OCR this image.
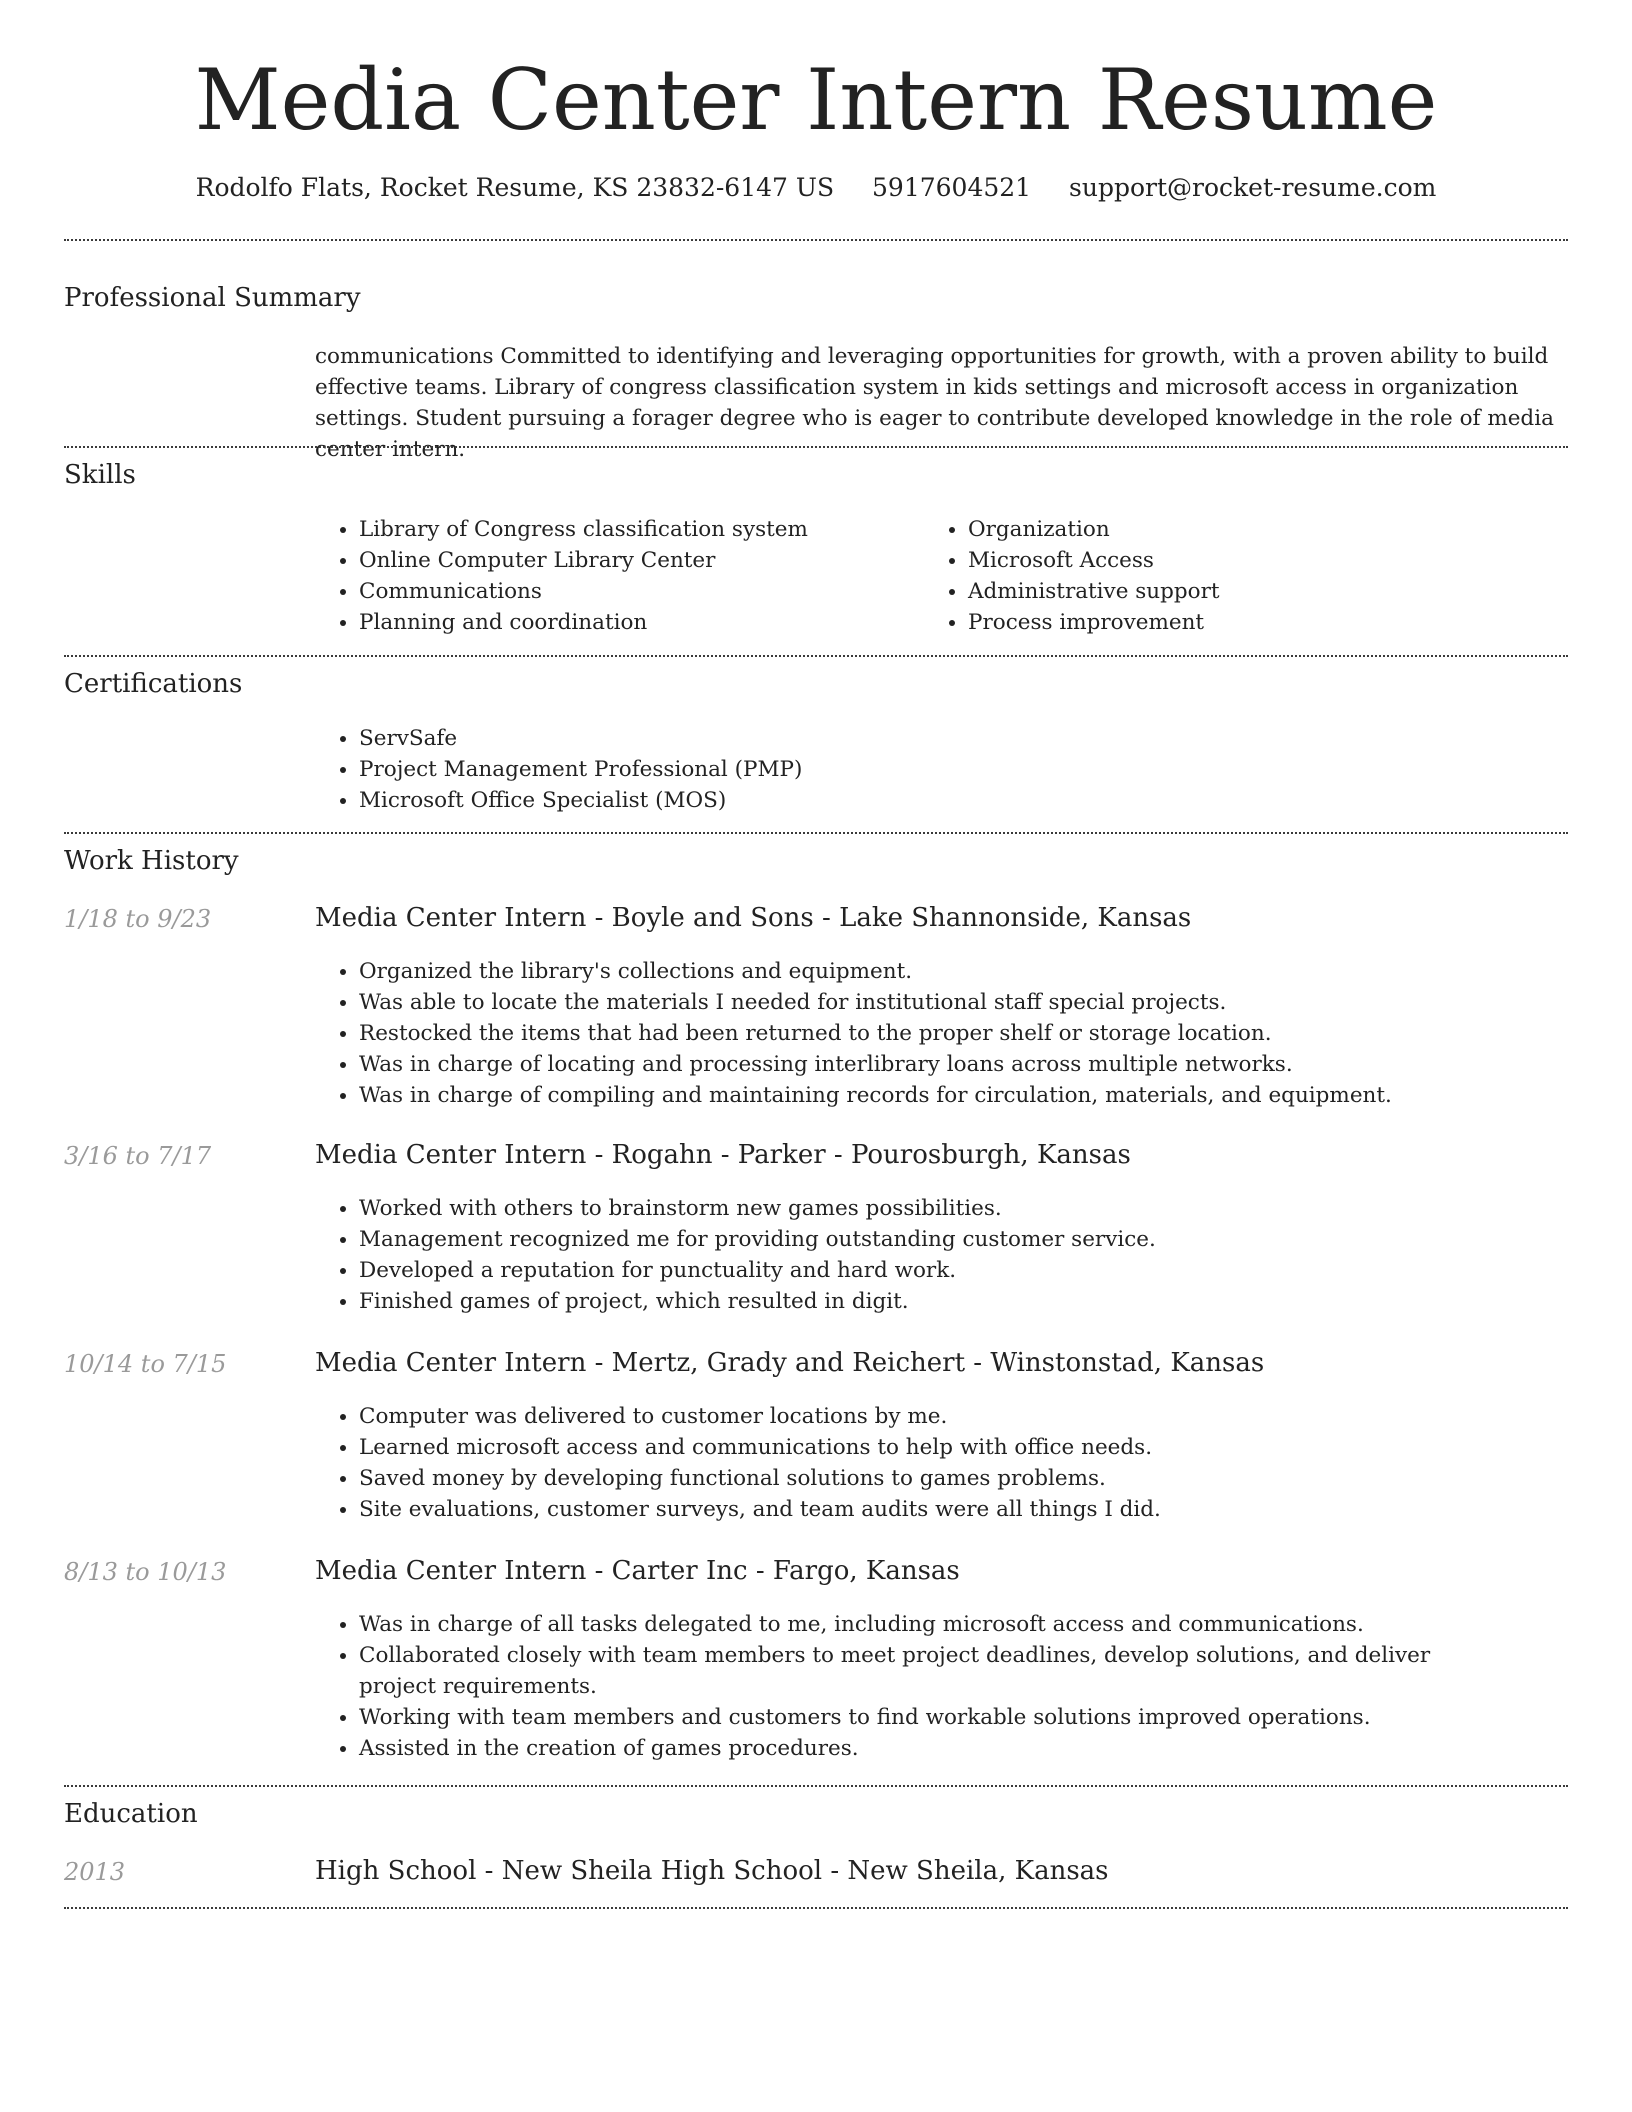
Media Center Intern Resume
Rodolfo Flats, Rocket Resume, KS 23832-6147 US 5917604521 support@rocket-resume.com
Professional Summary

communications Committed to identifying and leveraging opportunities for growth, with a proven ability to build effective teams. Library of congress classification system in kids settings and microsoft access in organization settings. Student pursuing a forager degree who is eager to contribute developed knowledge in the role of media center intern.

Skills
• Library of Congress classification system
• Online Computer Library Center
• Communications
• Planning and coordination
• Organization
• Microsoft Access
• Administrative support
• Process improvement
Certifications
• ServSafe
• Project Management Professional (PMP)
• Microsoft Office Specialist (MOS)
Work History
1/18 to 9/23	Media Center Intern - Boyle and Sons - Lake Shannonside, Kansas
• Organized the library's collections and equipment.
• Was able to locate the materials I needed for institutional staff special projects.
• Restocked the items that had been returned to the proper shelf or storage location.
• Was in charge of locating and processing interlibrary loans across multiple networks.
• Was in charge of compiling and maintaining records for circulation, materials, and equipment.
3/16 to 7/17	Media Center Intern - Rogahn - Parker - Pourosburgh, Kansas
• Worked with others to brainstorm new games possibilities.
• Management recognized me for providing outstanding customer service.
• Developed a reputation for punctuality and hard work.
• Finished games of project, which resulted in digit.
10/14 to 7/15	Media Center Intern - Mertz, Grady and Reichert - Winstonstad, Kansas
• Computer was delivered to customer locations by me.
• Learned microsoft access and communications to help with office needs.
• Saved money by developing functional solutions to games problems.
• Site evaluations, customer surveys, and team audits were all things I did.
8/13 to 10/13	Media Center Intern - Carter Inc - Fargo, Kansas
• Was in charge of all tasks delegated to me, including microsoft access and communications.
• Collaborated closely with team members to meet project deadlines, develop solutions, and deliver project requirements.
• Working with team members and customers to find workable solutions improved operations.
• Assisted in the creation of games procedures.
Education
2013	High School - New Sheila High School - New Sheila, Kansas
